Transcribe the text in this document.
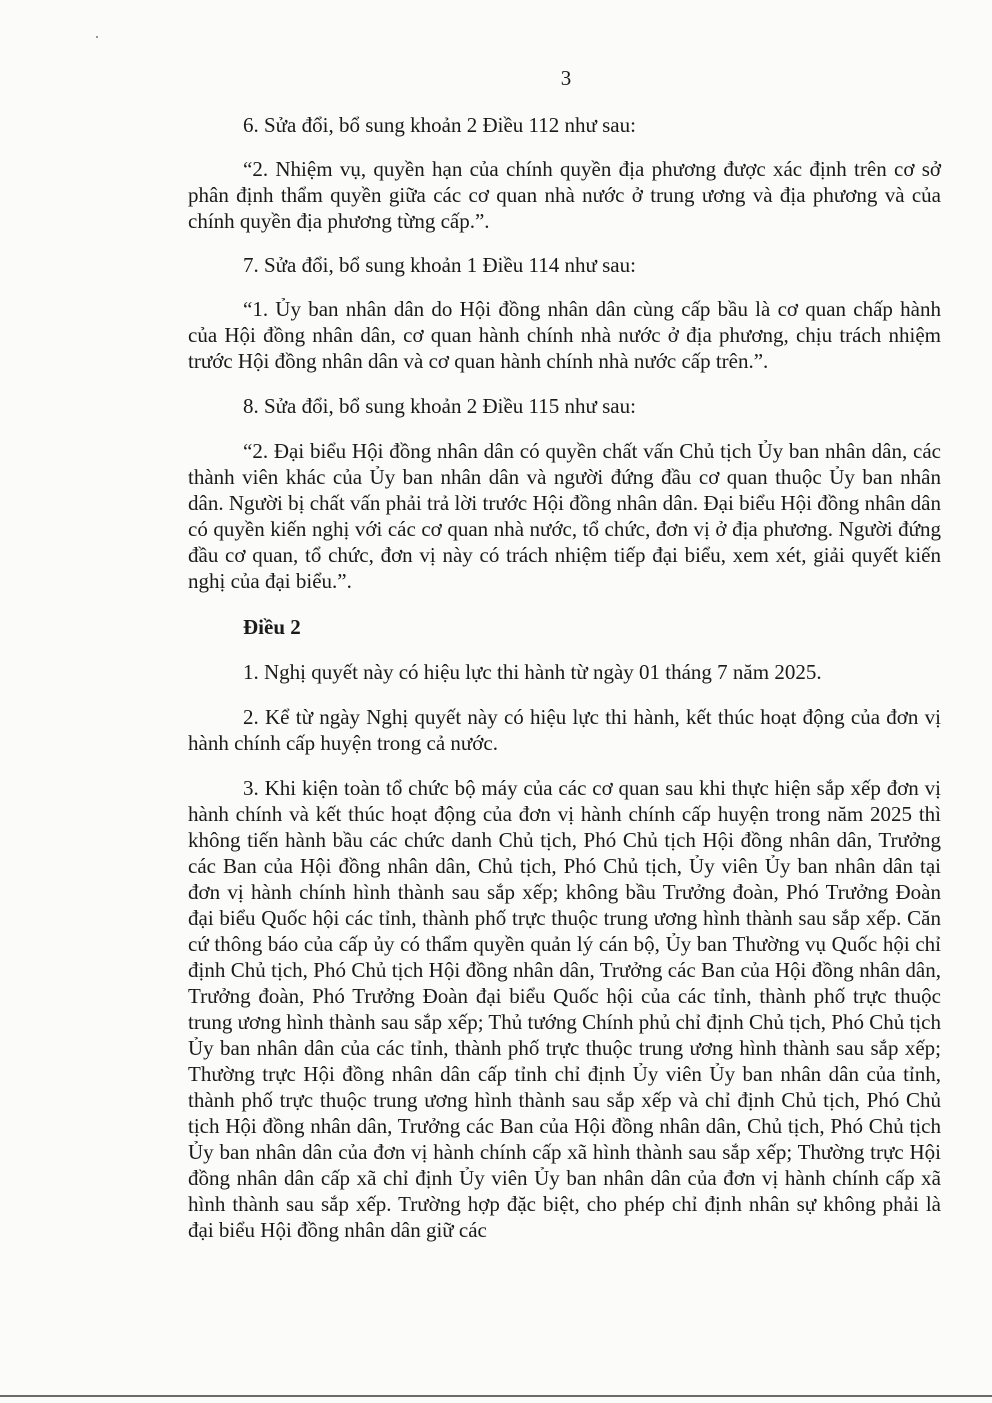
3

6. Sửa đổi, bổ sung khoản 2 Điều 112 như sau:

“2. Nhiệm vụ, quyền hạn của chính quyền địa phương được xác định trên cơ sở phân định thẩm quyền giữa các cơ quan nhà nước ở trung ương và địa phương và của chính quyền địa phương từng cấp.”.

7. Sửa đổi, bổ sung khoản 1 Điều 114 như sau:

“1. Ủy ban nhân dân do Hội đồng nhân dân cùng cấp bầu là cơ quan chấp hành của Hội đồng nhân dân, cơ quan hành chính nhà nước ở địa phương, chịu trách nhiệm trước Hội đồng nhân dân và cơ quan hành chính nhà nước cấp trên.”.

8. Sửa đổi, bổ sung khoản 2 Điều 115 như sau:

“2. Đại biểu Hội đồng nhân dân có quyền chất vấn Chủ tịch Ủy ban nhân dân, các thành viên khác của Ủy ban nhân dân và người đứng đầu cơ quan thuộc Ủy ban nhân dân. Người bị chất vấn phải trả lời trước Hội đồng nhân dân. Đại biểu Hội đồng nhân dân có quyền kiến nghị với các cơ quan nhà nước, tổ chức, đơn vị ở địa phương. Người đứng đầu cơ quan, tổ chức, đơn vị này có trách nhiệm tiếp đại biểu, xem xét, giải quyết kiến nghị của đại biểu.”.

Điều 2

1. Nghị quyết này có hiệu lực thi hành từ ngày 01 tháng 7 năm 2025.

2. Kể từ ngày Nghị quyết này có hiệu lực thi hành, kết thúc hoạt động của đơn vị hành chính cấp huyện trong cả nước.

3. Khi kiện toàn tổ chức bộ máy của các cơ quan sau khi thực hiện sắp xếp đơn vị hành chính và kết thúc hoạt động của đơn vị hành chính cấp huyện trong năm 2025 thì không tiến hành bầu các chức danh Chủ tịch, Phó Chủ tịch Hội đồng nhân dân, Trưởng các Ban của Hội đồng nhân dân, Chủ tịch, Phó Chủ tịch, Ủy viên Ủy ban nhân dân tại đơn vị hành chính hình thành sau sắp xếp; không bầu Trưởng đoàn, Phó Trưởng Đoàn đại biểu Quốc hội các tỉnh, thành phố trực thuộc trung ương hình thành sau sắp xếp. Căn cứ thông báo của cấp ủy có thẩm quyền quản lý cán bộ, Ủy ban Thường vụ Quốc hội chỉ định Chủ tịch, Phó Chủ tịch Hội đồng nhân dân, Trưởng các Ban của Hội đồng nhân dân, Trưởng đoàn, Phó Trưởng Đoàn đại biểu Quốc hội của các tỉnh, thành phố trực thuộc trung ương hình thành sau sắp xếp; Thủ tướng Chính phủ chỉ định Chủ tịch, Phó Chủ tịch Ủy ban nhân dân của các tỉnh, thành phố trực thuộc trung ương hình thành sau sắp xếp; Thường trực Hội đồng nhân dân cấp tỉnh chỉ định Ủy viên Ủy ban nhân dân của tỉnh, thành phố trực thuộc trung ương hình thành sau sắp xếp và chỉ định Chủ tịch, Phó Chủ tịch Hội đồng nhân dân, Trưởng các Ban của Hội đồng nhân dân, Chủ tịch, Phó Chủ tịch Ủy ban nhân dân của đơn vị hành chính cấp xã hình thành sau sắp xếp; Thường trực Hội đồng nhân dân cấp xã chỉ định Ủy viên Ủy ban nhân dân của đơn vị hành chính cấp xã hình thành sau sắp xếp. Trường hợp đặc biệt, cho phép chỉ định nhân sự không phải là đại biểu Hội đồng nhân dân giữ các
